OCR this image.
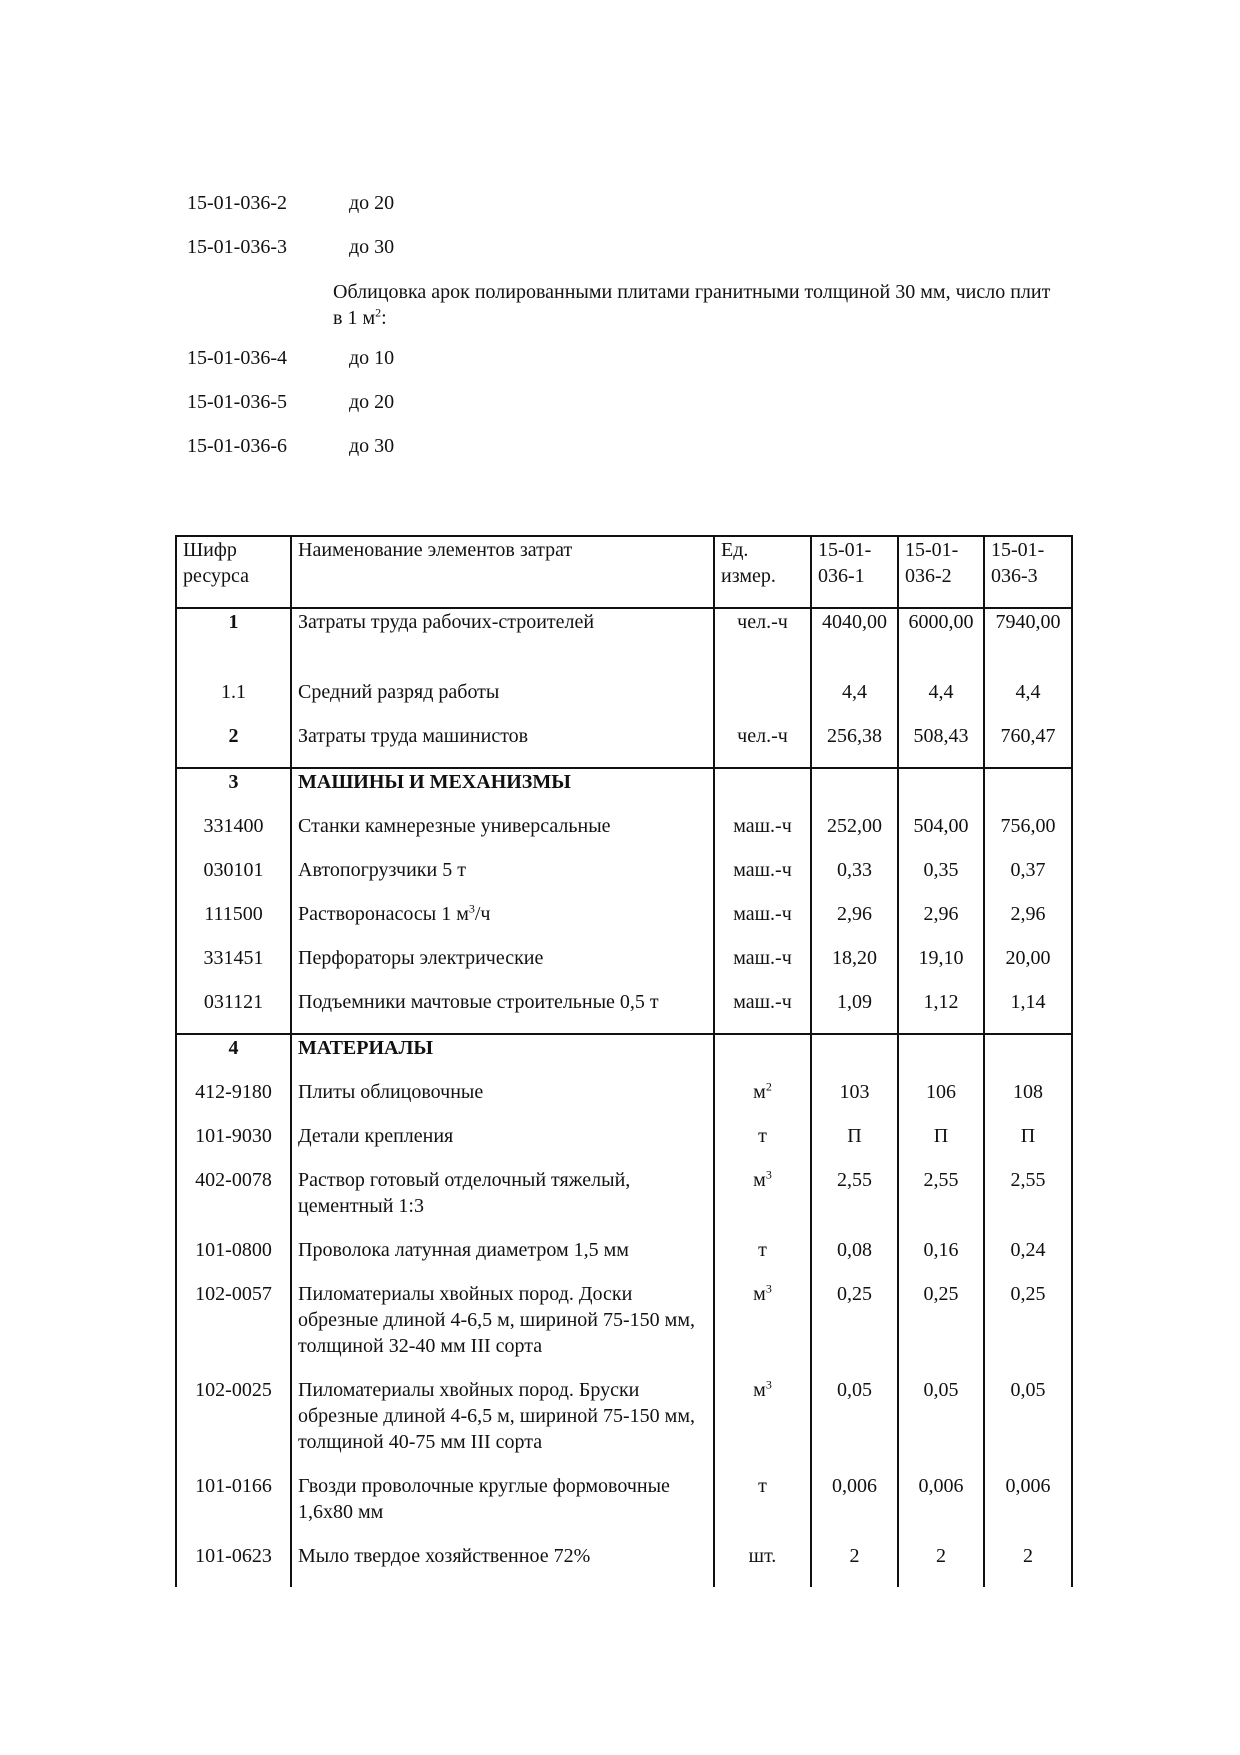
15-01-036-2	до 20
15-01-036-3	до 30
Облицовка арок полированными плитами гранитными толщиной 30 мм, число плит в 1 $м^2$:
15-01-036-4	до 10
15-01-036-5	до 20
15-01-036-6	до 30
Шифр ресурса	Наименование элементов затрат	Ед. измер.	15-01-036-1	15-01-036-2	15-01-036-3
1	Затраты труда рабочих-строителей	чел.-ч	4040,00	6000,00	7940,00
1.1	Средний разряд работы		4,4	4,4	4,4
2	Затраты труда машинистов	чел.-ч	256,38	508,43	760,47
3	МАШИНЫ И МЕХАНИЗМЫ				
331400	Станки камнерезные универсальные	маш.-ч	252,00	504,00	756,00
030101	Автопогрузчики 5 т	маш.-ч	0,33	0,35	0,37
111500	Растворонасосы 1 $м^3/ч$	маш.-ч	2,96	2,96	2,96
331451	Перфораторы электрические	маш.-ч	18,20	19,10	20,00
031121	Подъемники мачтовые строительные 0,5 т	маш.-ч	1,09	1,12	1,14
4	МАТЕРИАЛЫ				
412-9180	Плиты облицовочные	$м^2$	103	106	108
101-9030	Детали крепления	т	П	П	П
402-0078	Раствор готовый отделочный тяжелый, цементный 1:3	$м^3$	2,55	2,55	2,55
101-0800	Проволока латунная диаметром 1,5 мм	т	0,08	0,16	0,24
102-0057	Пиломатериалы хвойных пород. Доски обрезные длиной 4-6,5 м, шириной 75-150 мм, толщиной 32-40 мм III сорта	$м^3$	0,25	0,25	0,25
102-0025	Пиломатериалы хвойных пород. Бруски обрезные длиной 4-6,5 м, шириной 75-150 мм, толщиной 40-75 мм III сорта	$м^3$	0,05	0,05	0,05
101-0166	Гвозди проволочные круглые формовочные 1,6х80 мм	т	0,006	0,006	0,006
101-0623	Мыло твердое хозяйственное 72%	шт.	2	2	2
